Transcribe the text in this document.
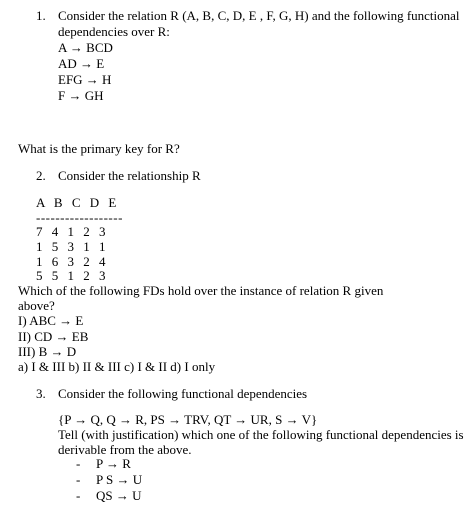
1. Consider the relation R (A, B, C, D, E , F, G, H) and the following functional
dependencies over R:
A → BCD
AD → E
EFG → H
F → GH
What is the primary key for R?
2. Consider the relationship R
A B C D E
------------------
7 4 1 2 3
1 5 3 1 1
1 6 3 2 4
5 5 1 2 3
Which of the following FDs hold over the instance of relation R given
above?
I) ABC → E
II) CD → EB
III) B → D
a) I & III b) II & III c) I & II d) I only
3. Consider the following functional dependencies
{P → Q, Q → R, PS → TRV, QT → UR, S → V}
Tell (with justification) which one of the following functional dependencies is
derivable from the above.
- P → R
- P S → U
- QS → U
